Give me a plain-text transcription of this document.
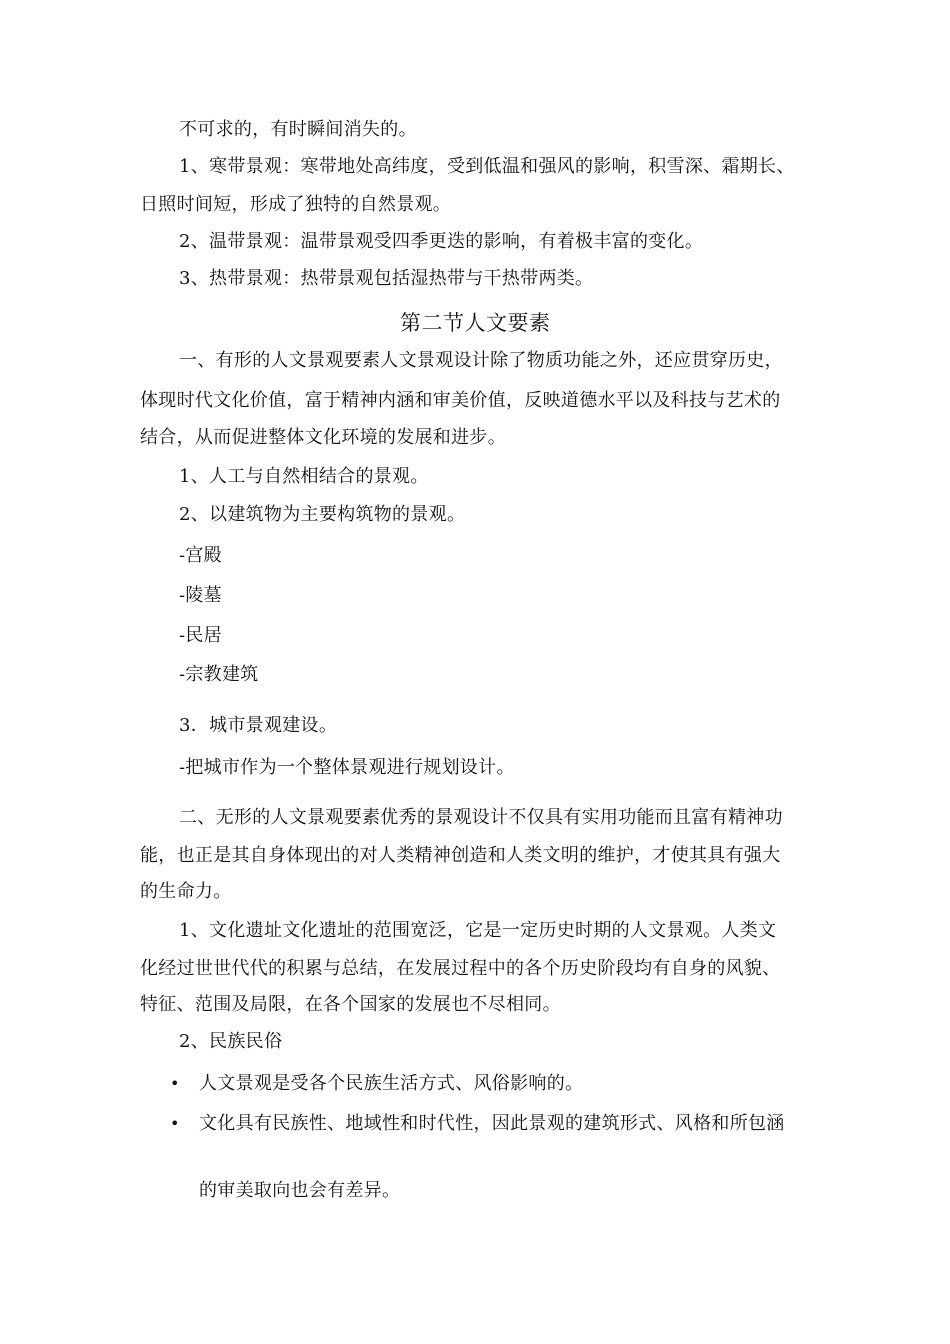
不可求的，有时瞬间消失的。
1、寒带景观：寒带地处高纬度，受到低温和强风的影响，积雪深、霜期长、
日照时间短，形成了独特的自然景观。
2、温带景观：温带景观受四季更迭的影响，有着极丰富的变化。
3、热带景观：热带景观包括湿热带与干热带两类。
第二节人文要素
一、有形的人文景观要素人文景观设计除了物质功能之外，还应贯穿历史，
体现时代文化价值，富于精神内涵和审美价值，反映道德水平以及科技与艺术的
结合，从而促进整体文化环境的发展和进步。
1、人工与自然相结合的景观。
2、以建筑物为主要构筑物的景观。
-宫殿
-陵墓
-民居
-宗教建筑
3．城市景观建设。
-把城市作为一个整体景观进行规划设计。
二、无形的人文景观要素优秀的景观设计不仅具有实用功能而且富有精神功
能，也正是其自身体现出的对人类精神创造和人类文明的维护，才使其具有强大
的生命力。
1、文化遗址文化遗址的范围宽泛，它是一定历史时期的人文景观。人类文
化经过世世代代的积累与总结，在发展过程中的各个历史阶段均有自身的风貌、
特征、范围及局限，在各个国家的发展也不尽相同。
2、民族民俗
• 人文景观是受各个民族生活方式、风俗影响的。
• 文化具有民族性、地域性和时代性，因此景观的建筑形式、风格和所包涵
的审美取向也会有差异。
